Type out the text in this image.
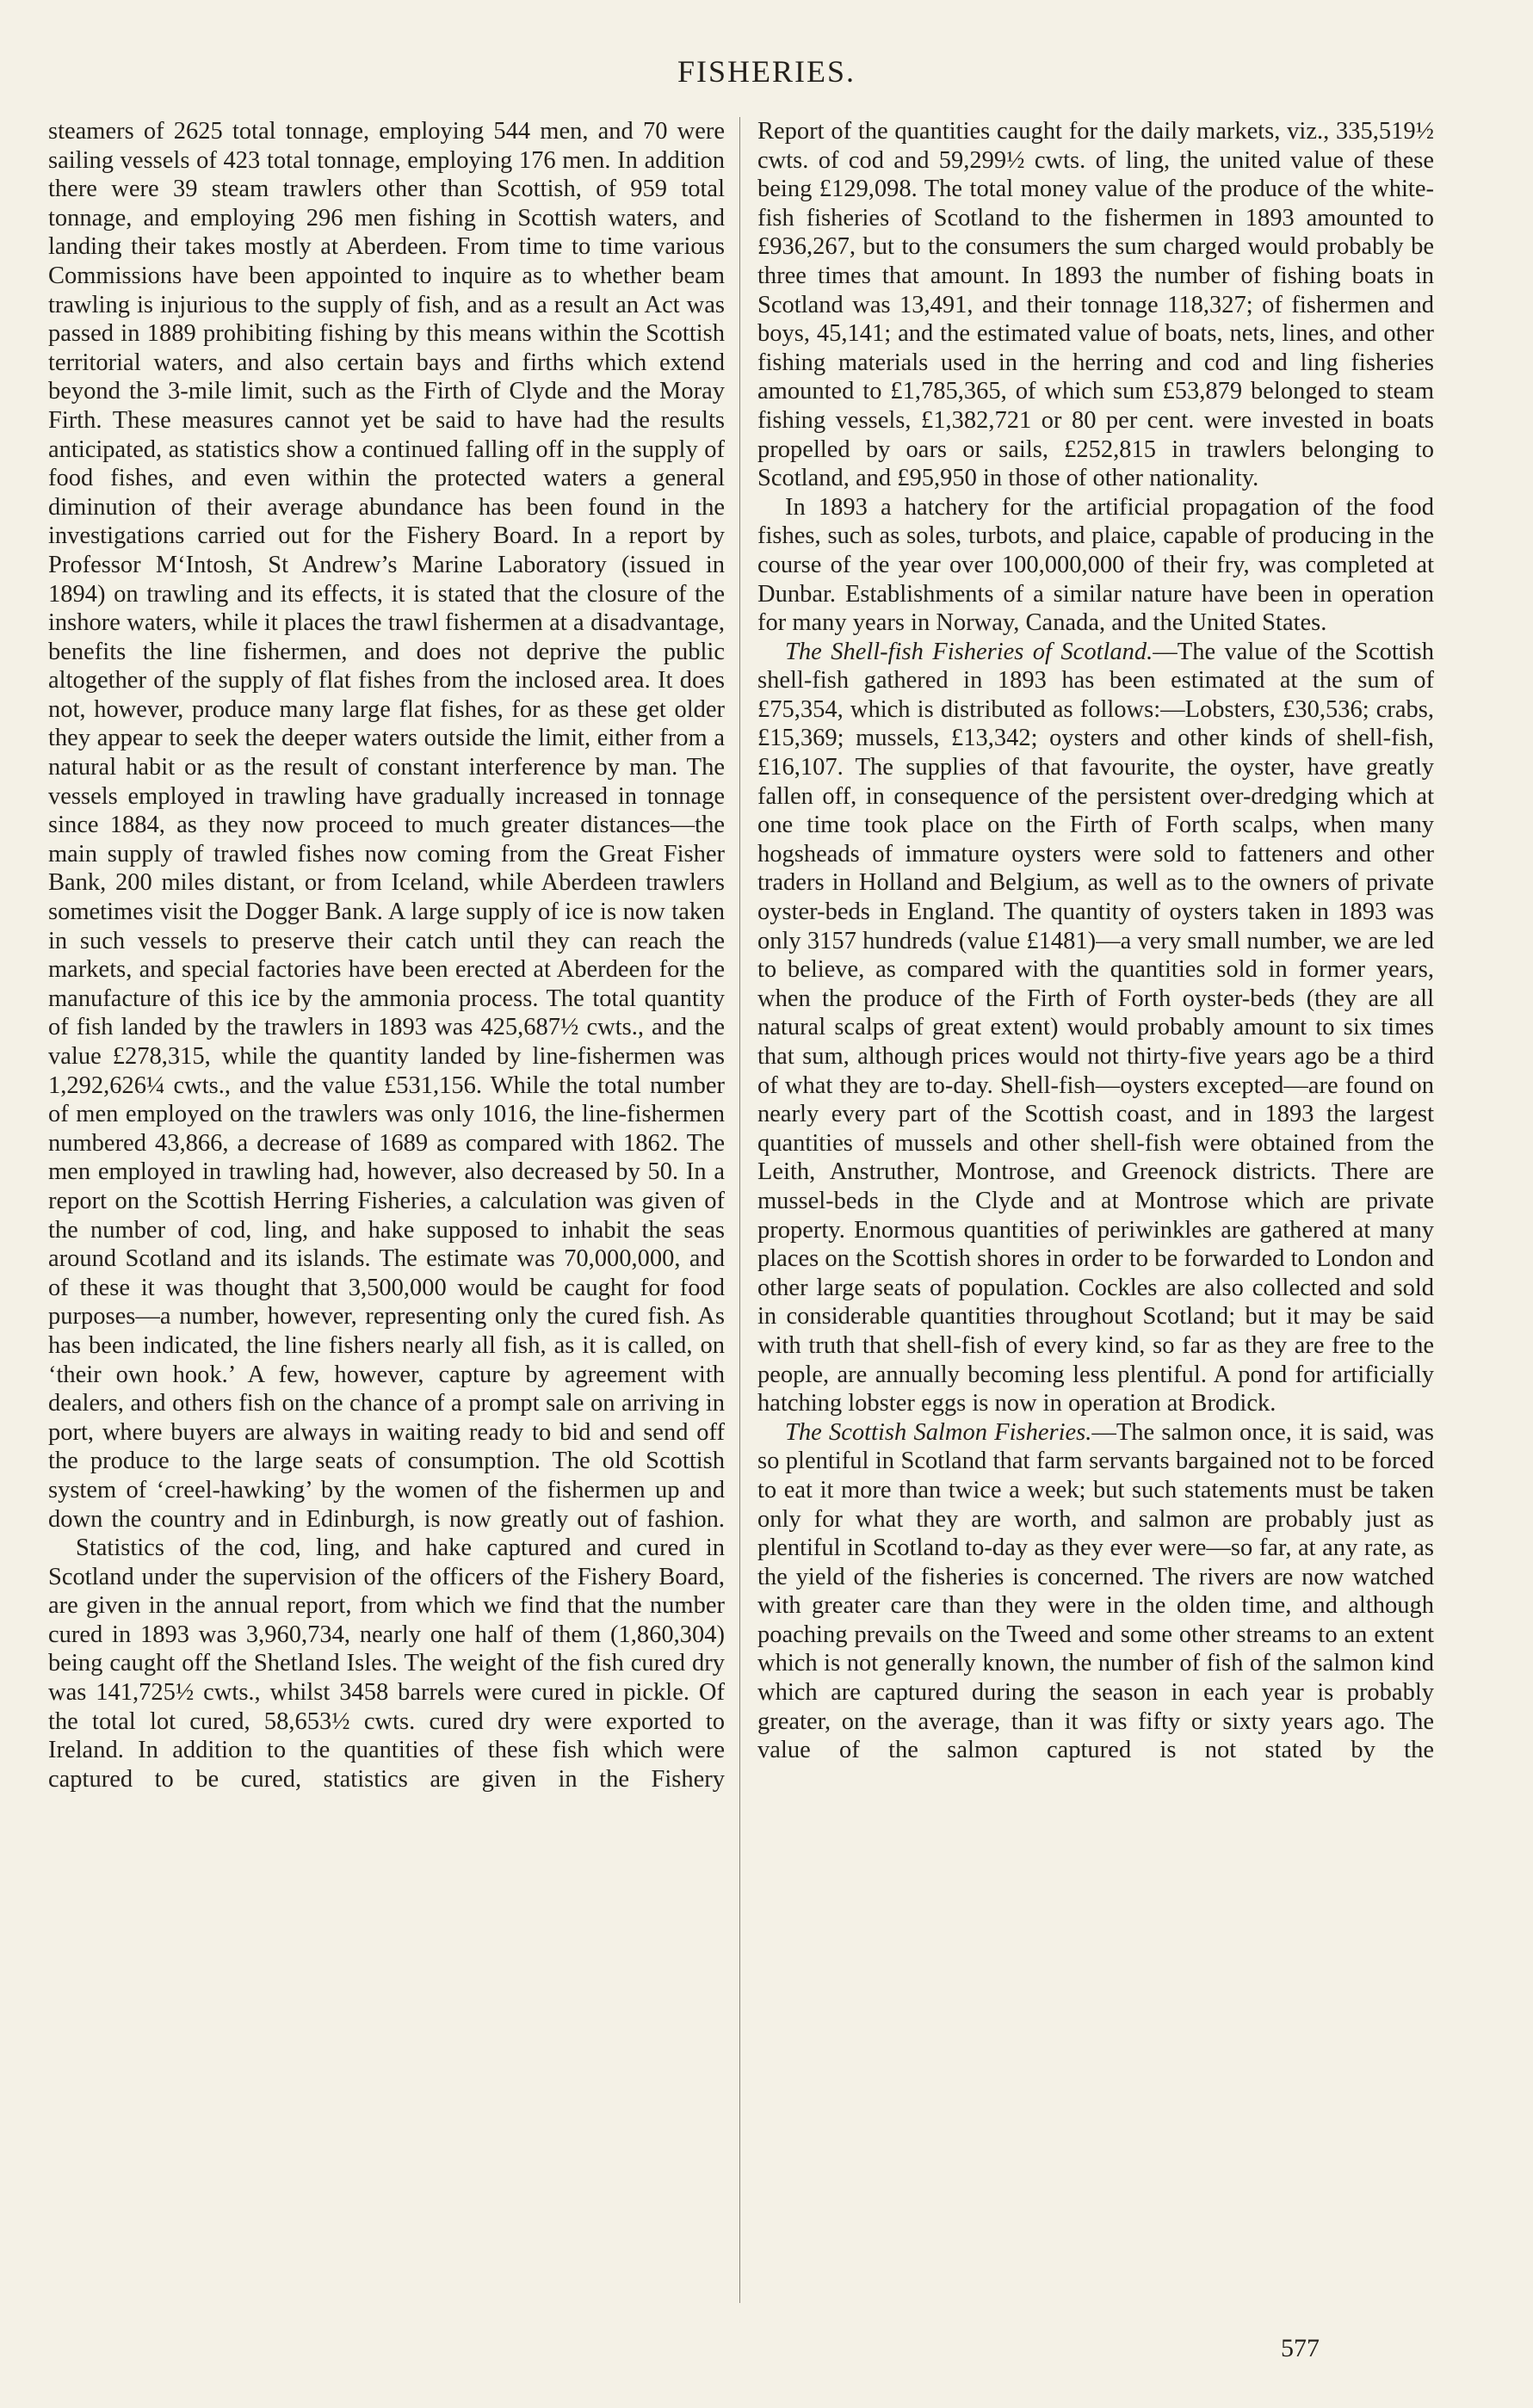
FISHERIES.

steamers of 2625 total tonnage, employing 544 men, and 70 were sailing vessels of 423 total tonnage, employing 176 men. In addition there were 39 steam trawlers other than Scottish, of 959 total tonnage, and employing 296 men fishing in Scottish waters, and landing their takes mostly at Aberdeen. From time to time various Commissions have been appointed to inquire as to whether beam trawling is injurious to the supply of fish, and as a result an Act was passed in 1889 prohibiting fishing by this means within the Scottish territorial waters, and also certain bays and firths which extend beyond the 3-mile limit, such as the Firth of Clyde and the Moray Firth. These measures cannot yet be said to have had the results anticipated, as statistics show a continued falling off in the supply of food fishes, and even within the protected waters a general diminution of their average abundance has been found in the investigations carried out for the Fishery Board. In a report by Professor M‘Intosh, St Andrew’s Marine Laboratory (issued in 1894) on trawling and its effects, it is stated that the closure of the inshore waters, while it places the trawl fishermen at a disadvantage, benefits the line fishermen, and does not deprive the public altogether of the supply of flat fishes from the inclosed area. It does not, however, produce many large flat fishes, for as these get older they appear to seek the deeper waters outside the limit, either from a natural habit or as the result of constant interference by man. The vessels employed in trawling have gradually increased in tonnage since 1884, as they now proceed to much greater distances—the main supply of trawled fishes now coming from the Great Fisher Bank, 200 miles distant, or from Iceland, while Aberdeen trawlers sometimes visit the Dogger Bank. A large supply of ice is now taken in such vessels to preserve their catch until they can reach the markets, and special factories have been erected at Aberdeen for the manufacture of this ice by the ammonia process. The total quantity of fish landed by the trawlers in 1893 was 425,687½ cwts., and the value £278,315, while the quantity landed by line-fishermen was 1,292,626¼ cwts., and the value £531,156. While the total number of men employed on the trawlers was only 1016, the line-fishermen numbered 43,866, a decrease of 1689 as compared with 1862. The men employed in trawling had, however, also decreased by 50. In a report on the Scottish Herring Fisheries, a calculation was given of the number of cod, ling, and hake supposed to inhabit the seas around Scotland and its islands. The estimate was 70,000,000, and of these it was thought that 3,500,000 would be caught for food purposes—a number, however, representing only the cured fish. As has been indicated, the line fishers nearly all fish, as it is called, on ‘their own hook.’ A few, however, capture by agreement with dealers, and others fish on the chance of a prompt sale on arriving in port, where buyers are always in waiting ready to bid and send off the produce to the large seats of consumption. The old Scottish system of ‘creel-hawking’ by the women of the fishermen up and down the country and in Edinburgh, is now greatly out of fashion.

Statistics of the cod, ling, and hake captured and cured in Scotland under the supervision of the officers of the Fishery Board, are given in the annual report, from which we find that the number cured in 1893 was 3,960,734, nearly one half of them (1,860,304) being caught off the Shetland Isles. The weight of the fish cured dry was 141,725½ cwts., whilst 3458 barrels were cured in pickle. Of the total lot cured, 58,653½ cwts. cured dry were exported to Ireland. In addition to the quantities of these fish which were captured to be cured, statistics are given in the Fishery

Report of the quantities caught for the daily markets, viz., 335,519½ cwts. of cod and 59,299½ cwts. of ling, the united value of these being £129,098. The total money value of the produce of the white-fish fisheries of Scotland to the fishermen in 1893 amounted to £936,267, but to the consumers the sum charged would probably be three times that amount. In 1893 the number of fishing boats in Scotland was 13,491, and their tonnage 118,327; of fishermen and boys, 45,141; and the estimated value of boats, nets, lines, and other fishing materials used in the herring and cod and ling fisheries amounted to £1,785,365, of which sum £53,879 belonged to steam fishing vessels, £1,382,721 or 80 per cent. were invested in boats propelled by oars or sails, £252,815 in trawlers belonging to Scotland, and £95,950 in those of other nationality.

In 1893 a hatchery for the artificial propagation of the food fishes, such as soles, turbots, and plaice, capable of producing in the course of the year over 100,000,000 of their fry, was completed at Dunbar. Establishments of a similar nature have been in operation for many years in Norway, Canada, and the United States.

The Shell-fish Fisheries of Scotland.—The value of the Scottish shell-fish gathered in 1893 has been estimated at the sum of £75,354, which is distributed as follows:—Lobsters, £30,536; crabs, £15,369; mussels, £13,342; oysters and other kinds of shell-fish, £16,107. The supplies of that favourite, the oyster, have greatly fallen off, in consequence of the persistent over-dredging which at one time took place on the Firth of Forth scalps, when many hogsheads of immature oysters were sold to fatteners and other traders in Holland and Belgium, as well as to the owners of private oyster-beds in England. The quantity of oysters taken in 1893 was only 3157 hundreds (value £1481)—a very small number, we are led to believe, as compared with the quantities sold in former years, when the produce of the Firth of Forth oyster-beds (they are all natural scalps of great extent) would probably amount to six times that sum, although prices would not thirty-five years ago be a third of what they are to-day. Shell-fish—oysters excepted—are found on nearly every part of the Scottish coast, and in 1893 the largest quantities of mussels and other shell-fish were obtained from the Leith, Anstruther, Montrose, and Greenock districts. There are mussel-beds in the Clyde and at Montrose which are private property. Enormous quantities of periwinkles are gathered at many places on the Scottish shores in order to be forwarded to London and other large seats of population. Cockles are also collected and sold in considerable quantities throughout Scotland; but it may be said with truth that shell-fish of every kind, so far as they are free to the people, are annually becoming less plentiful. A pond for artificially hatching lobster eggs is now in operation at Brodick.

The Scottish Salmon Fisheries.—The salmon once, it is said, was so plentiful in Scotland that farm servants bargained not to be forced to eat it more than twice a week; but such statements must be taken only for what they are worth, and salmon are probably just as plentiful in Scotland to-day as they ever were—so far, at any rate, as the yield of the fisheries is concerned. The rivers are now watched with greater care than they were in the olden time, and although poaching prevails on the Tweed and some other streams to an extent which is not generally known, the number of fish of the salmon kind which are captured during the season in each year is probably greater, on the average, than it was fifty or sixty years ago. The value of the salmon captured is not stated by the

577
